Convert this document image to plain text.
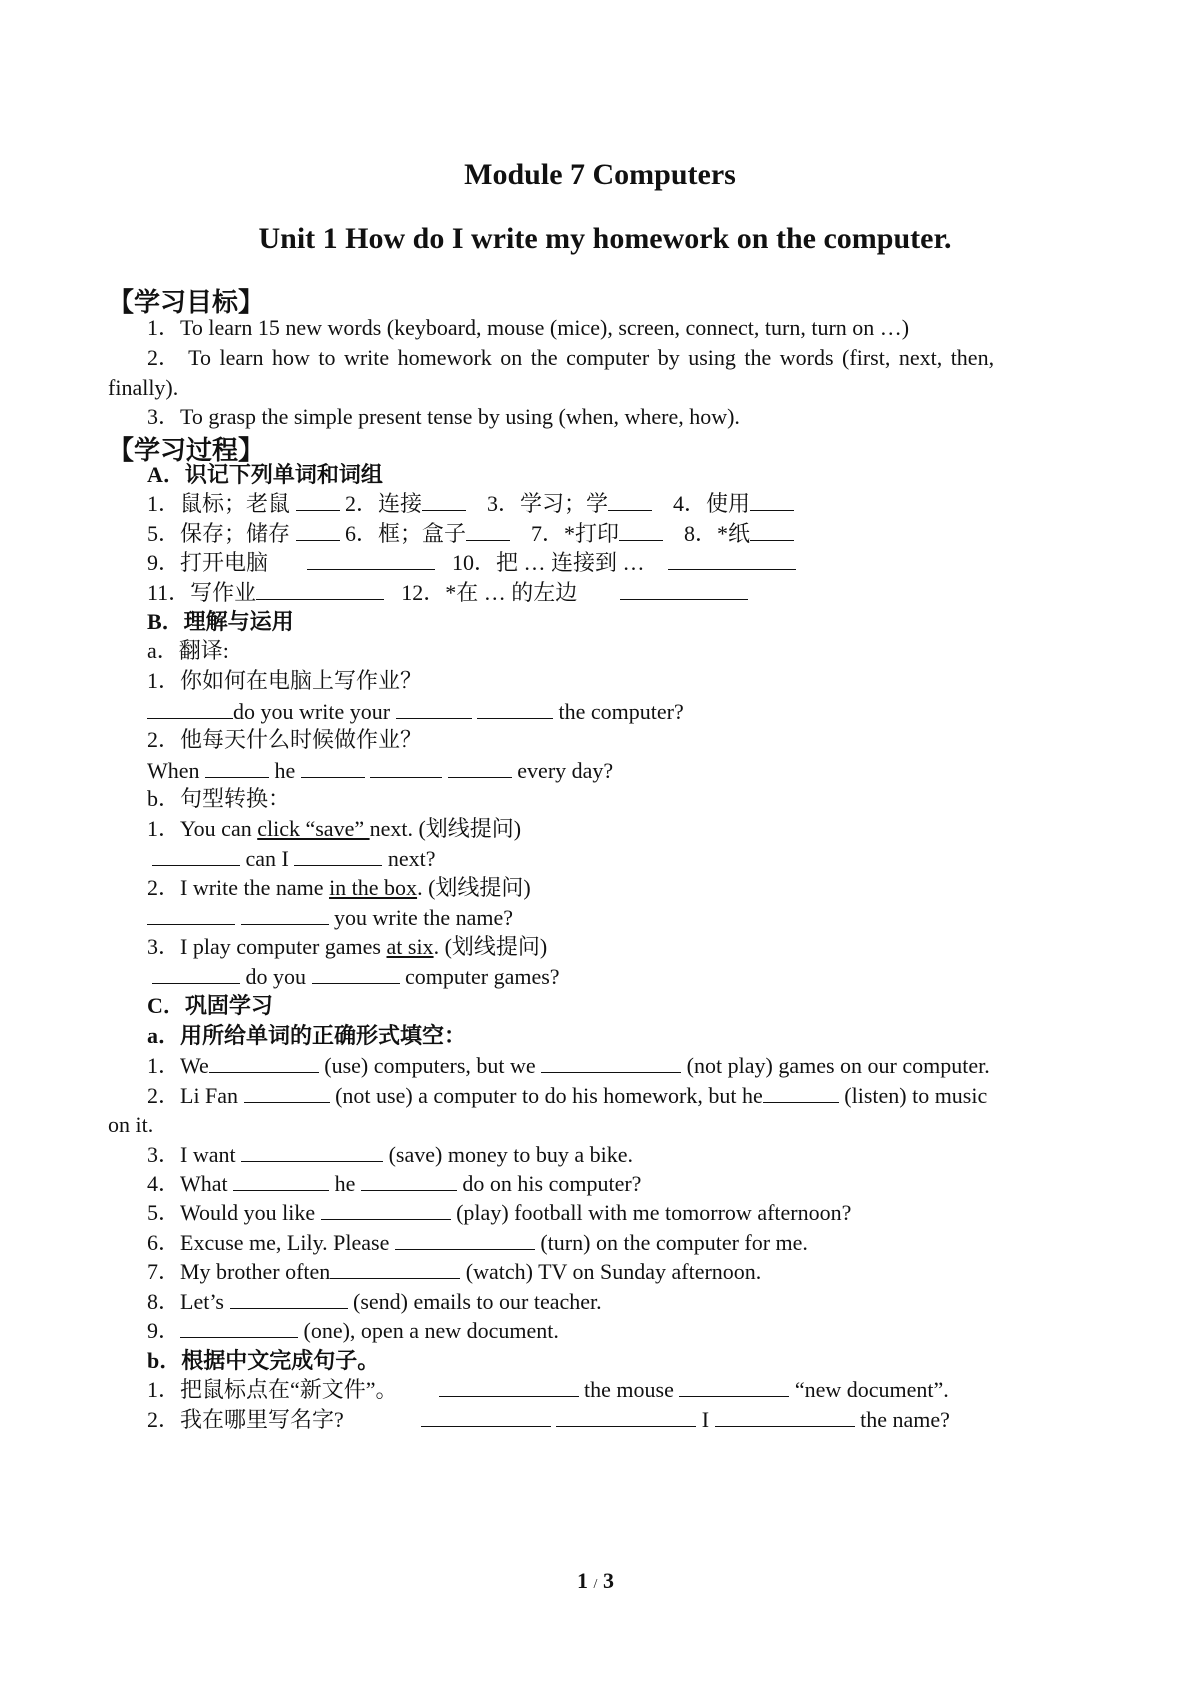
Module 7 Computers
Unit 1 How do I write my homework on the computer.
【学习目标】
1．To learn 15 new words (keyboard, mouse (mice), screen, connect, turn, turn on …)
2． To learn how to write homework on the computer by using the words (first, next, then,
finally).
3．To grasp the simple present tense by using (when, where, how).
【学习过程】
A．识记下列单词和词组
1．鼠标；老鼠	2．连接	3．学习；学	4．使用
5．保存；储存	6．框；盒子	7．*打印	8．*纸
9．打开电脑	10．把 … 连接到 …
11．写作业	12．*在 … 的左边
B．理解与运用
a．翻译:
1．你如何在电脑上写作业？
do you write your	the computer?
2．他每天什么时候做作业？
When	he	every day?
b．句型转换：
1．You can click “save” next. (划线提问)
can I	next?
2．I write the name in the box. (划线提问)
you write the name?
3．I play computer games at six. (划线提问)
do you	computer games?
C．巩固学习
a．用所给单词的正确形式填空：
1．We	(use) computers, but we	(not play) games on our computer.
2．Li Fan	(not use) a computer to do his homework, but he	(listen) to music
on it.
3．I want	(save) money to buy a bike.
4．What	he	do on his computer?
5．Would you like	(play) football with me tomorrow afternoon?
6．Excuse me, Lily. Please	(turn) on the computer for me.
7．My brother often	(watch) TV on Sunday afternoon.
8．Let’s	(send) emails to our teacher.
9．	(one), open a new document.
b．根据中文完成句子。
1．把鼠标点在“新文件”。	the mouse	“new document”.
2．我在哪里写名字?	I	the name?
1 / 3
